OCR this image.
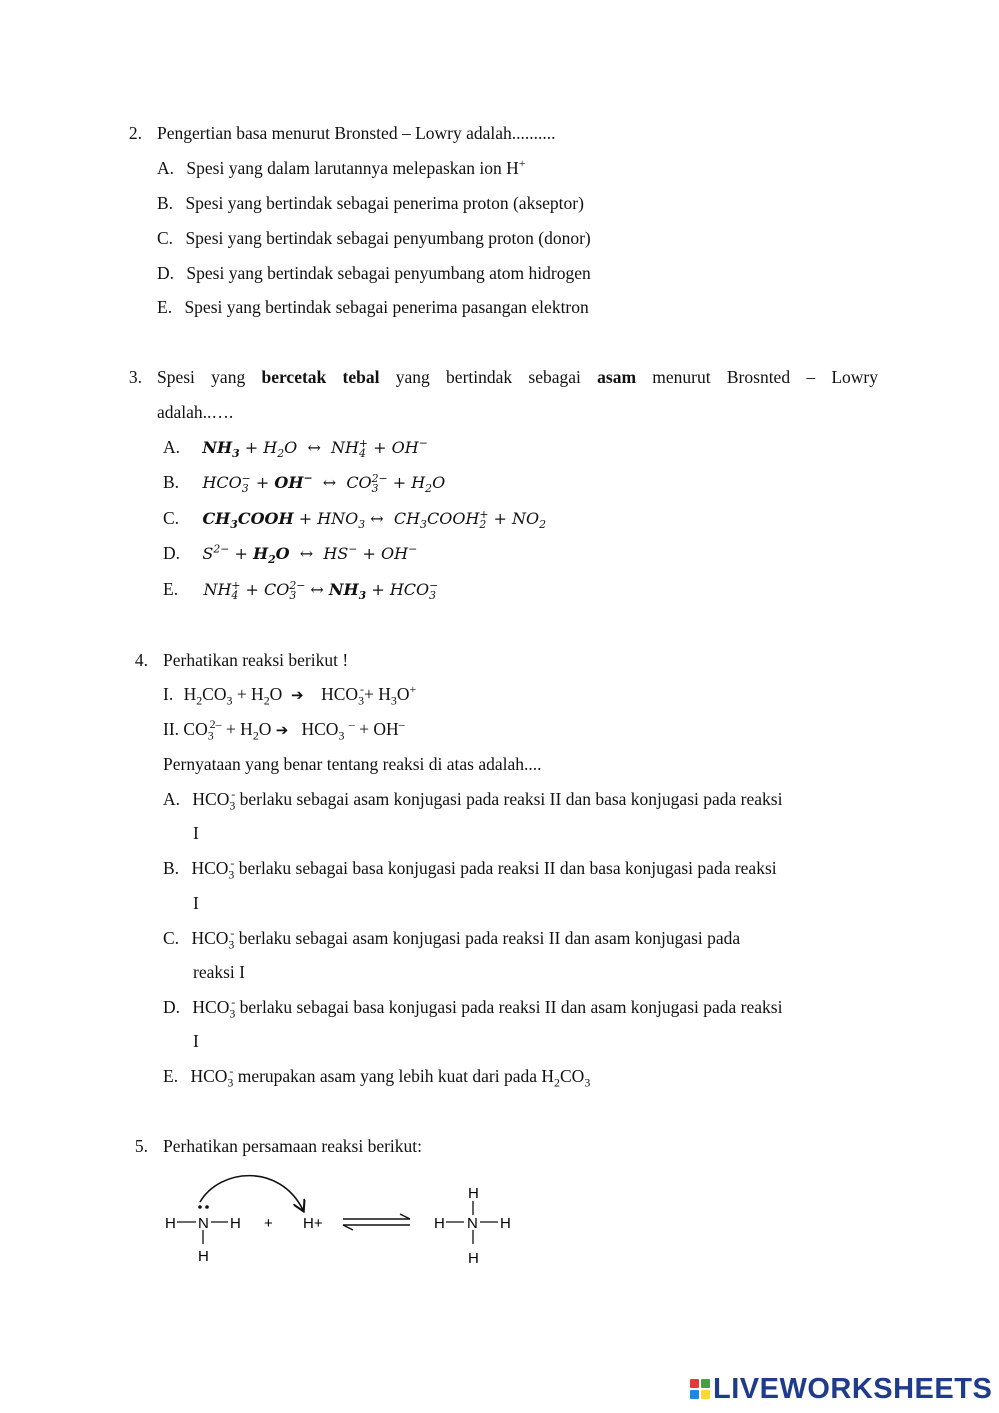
2. Pengertian basa menurut Bronsted – Lowry adalah..........
A. Spesi yang dalam larutannya melepaskan ion H+
B. Spesi yang bertindak sebagai penerima proton (akseptor)
C. Spesi yang bertindak sebagai penyumbang proton (donor)
D. Spesi yang bertindak sebagai penyumbang atom hidrogen
E. Spesi yang bertindak sebagai penerima pasangan elektron
3. Spesi yang bercetak tebal yang bertindak sebagai asam menurut Brosnted – Lowry
adalah..….
A. $NH_3 + H_2O$  ↔  $NH_4^+ + OH^-$
B. $HCO_3^- + OH^-$  ↔  $CO_3^{2-} + H_2O$
C. $CH_3COOH + HNO_3$ ↔  $CH_3COOH_2^+ + NO_2$
D. $S^{2-} + H_2O$  ↔  HS− + OH−
E. $NH_4^+ + CO_3^{2-}$ ↔ $NH_3 + HCO_3^-$
4. Perhatikan reaksi berikut !
I. $H_2CO_3 + H_2O$  ➔    $HCO_3^-+ H_3O^+$
II. $CO_3^{2-} + H_2O$ ➔   $HCO_3$ – + OH–
Pernyataan yang benar tentang reaksi di atas adalah....
A. $HCO_3^-$ berlaku sebagai asam konjugasi pada reaksi II dan basa konjugasi pada reaksi
I
B. $HCO_3^-$ berlaku sebagai basa konjugasi pada reaksi II dan basa konjugasi pada reaksi
I
C. $HCO_3^-$ berlaku sebagai asam konjugasi pada reaksi II dan asam konjugasi pada
reaksi I
D. $HCO_3^-$ berlaku sebagai basa konjugasi pada reaksi II dan asam konjugasi pada reaksi
I
E. $HCO_3^-$ merupakan asam yang lebih kuat dari pada $H_2CO_3$
5. Perhatikan persamaan reaksi berikut:
H N H
H
+ H+
H
H N H
H
LIVEWORKSHEETS
